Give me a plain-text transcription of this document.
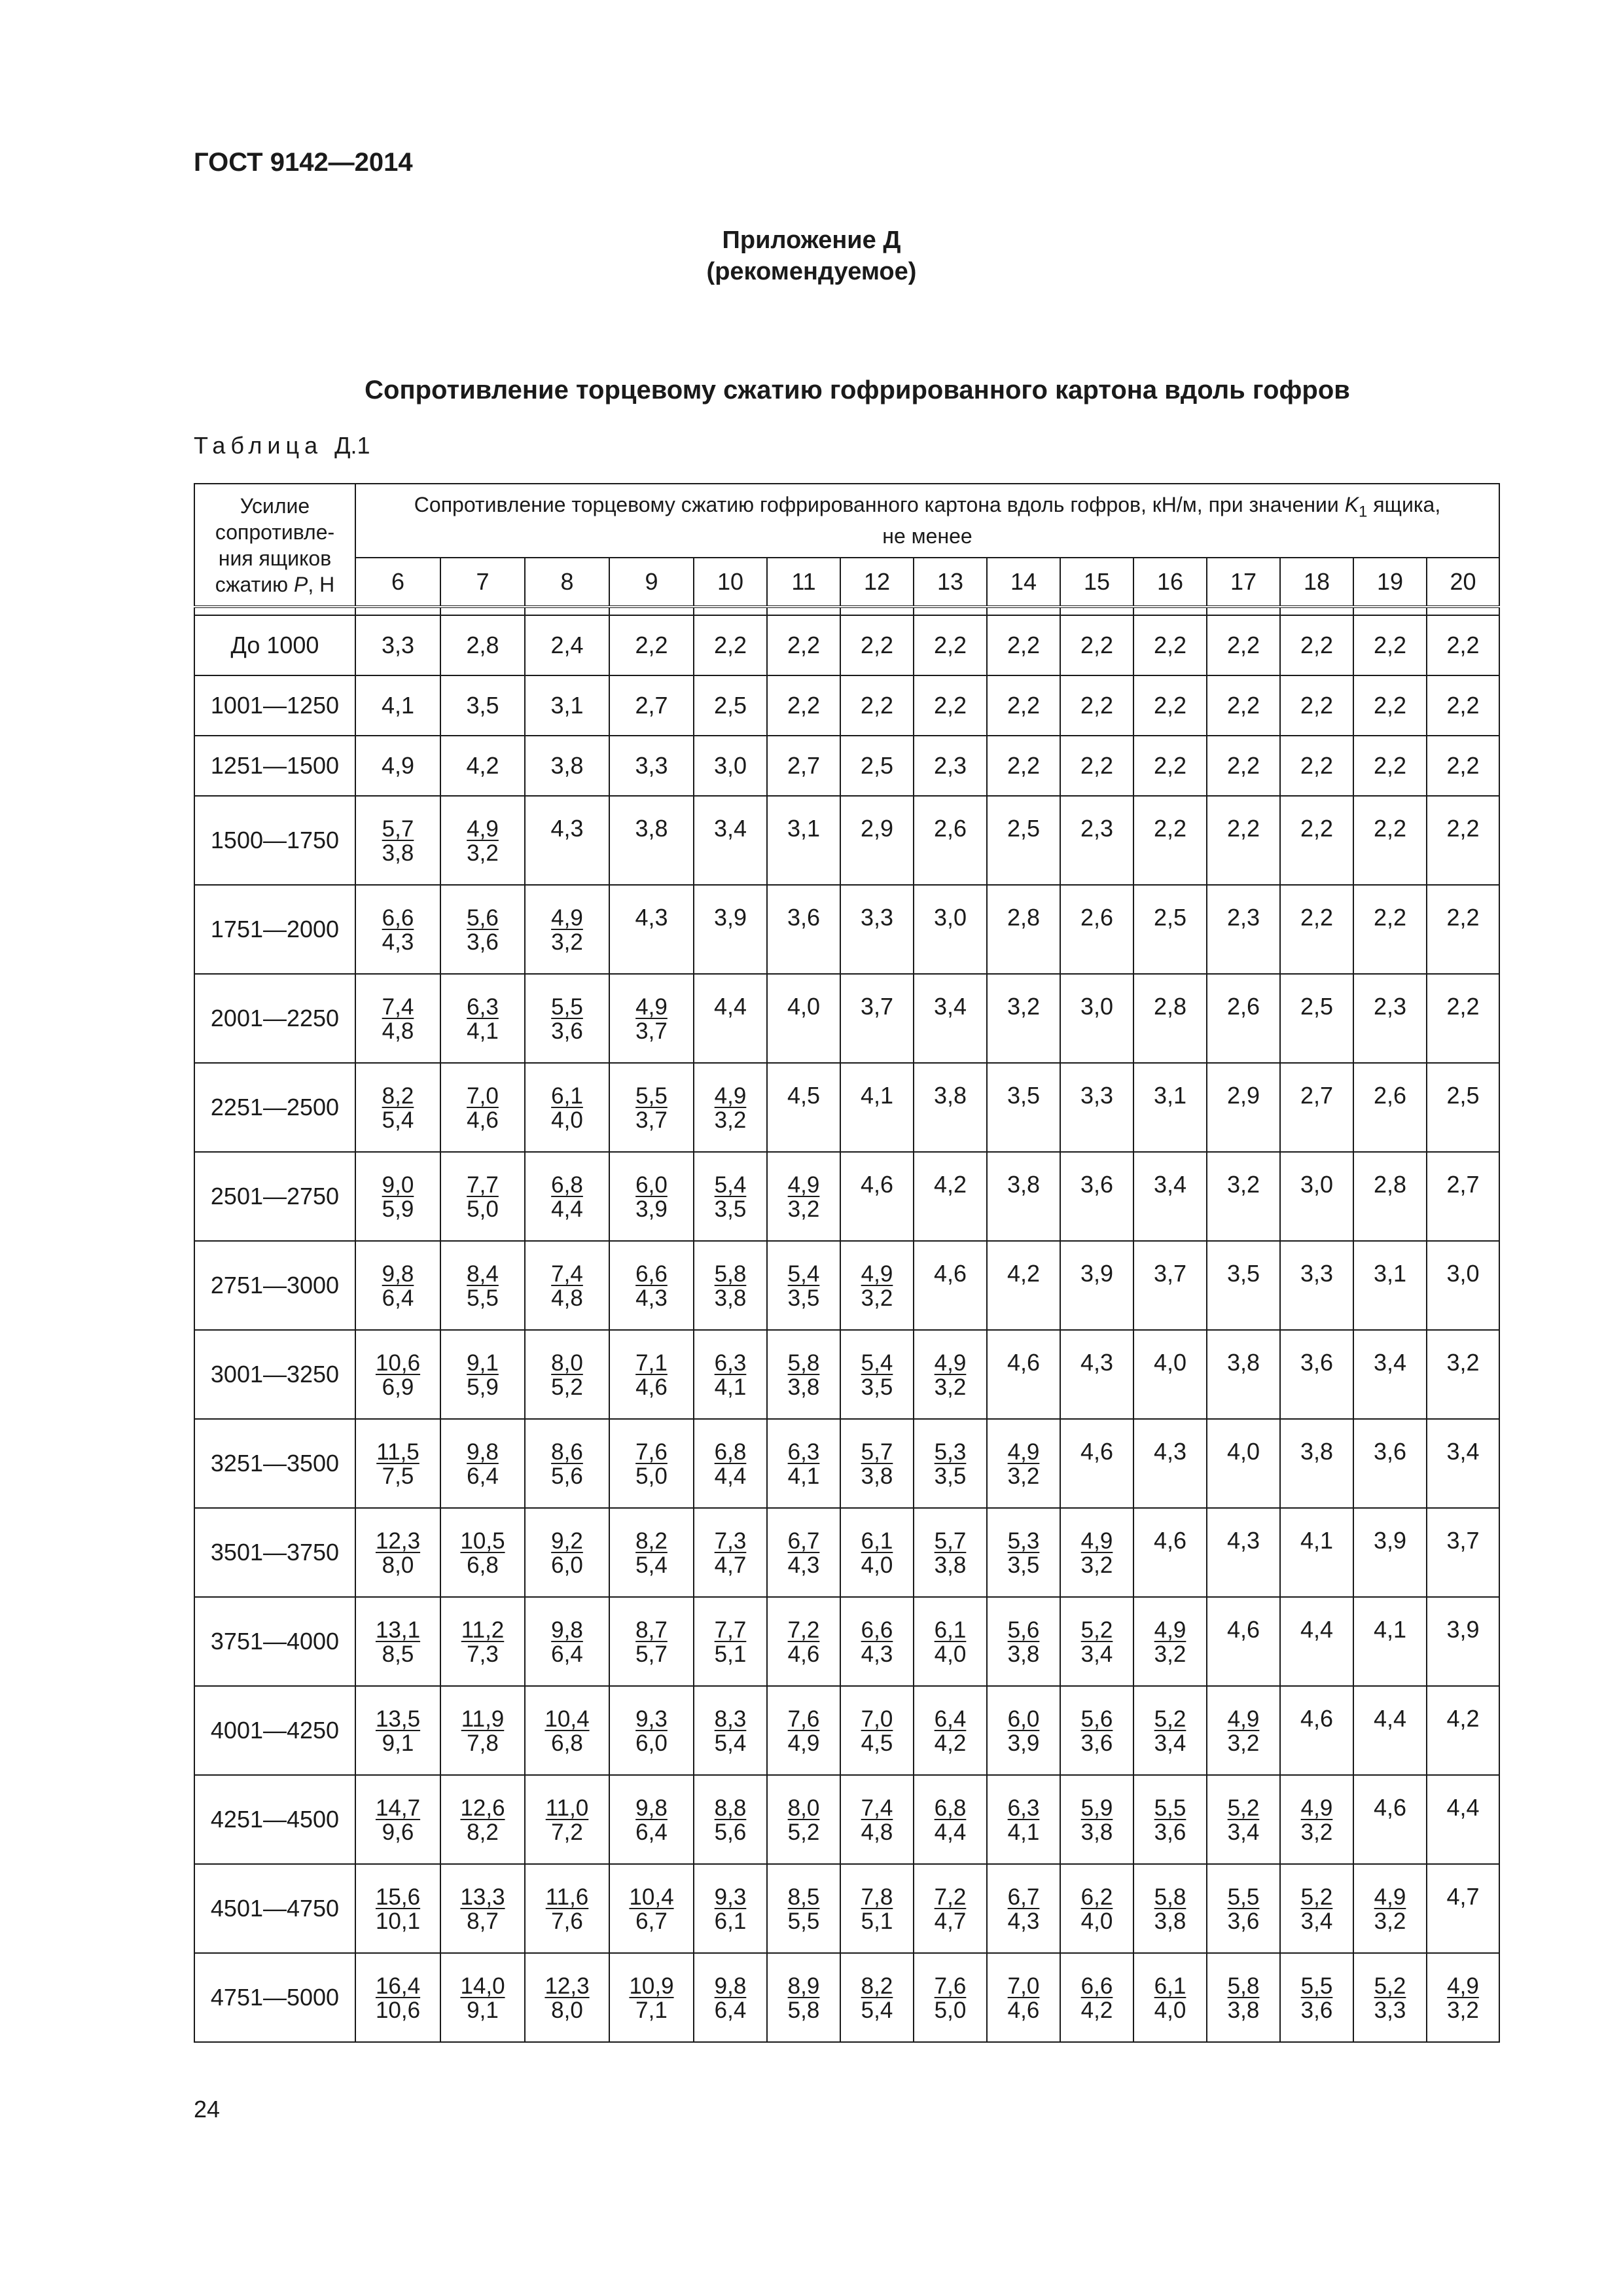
ГОСТ 9142—2014
Приложение Д
(рекомендуемое)
Сопротивление торцевому сжатию гофрированного картона вдоль гофров
Таблица Д.1
Усилие
сопротивле-
ния ящиков
сжатию P, Н	Сопротивление торцевому сжатию гофрированного картона вдоль гофров, кН/м, при значении $K_1$ ящика,
не менее														
	6	7	8	9	10	11	12	13	14	15	16	17	18	19	20

До 1000	3,3	2,8	2,4	2,2	2,2	2,2	2,2	2,2	2,2	2,2	2,2	2,2	2,2	2,2	2,2
1001—1250	4,1	3,5	3,1	2,7	2,5	2,2	2,2	2,2	2,2	2,2	2,2	2,2	2,2	2,2	2,2
1251—1500	4,9	4,2	3,8	3,3	3,0	2,7	2,5	2,3	2,2	2,2	2,2	2,2	2,2	2,2	2,2
1500—1750	$\frac{5,7}{3,8}$	$\frac{4,9}{3,2}$	4,3	3,8	3,4	3,1	2,9	2,6	2,5	2,3	2,2	2,2	2,2	2,2	2,2
1751—2000	$\frac{6,6}{4,3}$	$\frac{5,6}{3,6}$	$\frac{4,9}{3,2}$	4,3	3,9	3,6	3,3	3,0	2,8	2,6	2,5	2,3	2,2	2,2	2,2
2001—2250	$\frac{7,4}{4,8}$	$\frac{6,3}{4,1}$	$\frac{5,5}{3,6}$	$\frac{4,9}{3,7}$	4,4	4,0	3,7	3,4	3,2	3,0	2,8	2,6	2,5	2,3	2,2
2251—2500	$\frac{8,2}{5,4}$	$\frac{7,0}{4,6}$	$\frac{6,1}{4,0}$	$\frac{5,5}{3,7}$	$\frac{4,9}{3,2}$	4,5	4,1	3,8	3,5	3,3	3,1	2,9	2,7	2,6	2,5
2501—2750	$\frac{9,0}{5,9}$	$\frac{7,7}{5,0}$	$\frac{6,8}{4,4}$	$\frac{6,0}{3,9}$	$\frac{5,4}{3,5}$	$\frac{4,9}{3,2}$	4,6	4,2	3,8	3,6	3,4	3,2	3,0	2,8	2,7
2751—3000	$\frac{9,8}{6,4}$	$\frac{8,4}{5,5}$	$\frac{7,4}{4,8}$	$\frac{6,6}{4,3}$	$\frac{5,8}{3,8}$	$\frac{5,4}{3,5}$	$\frac{4,9}{3,2}$	4,6	4,2	3,9	3,7	3,5	3,3	3,1	3,0
3001—3250	$\frac{10,6}{6,9}$	$\frac{9,1}{5,9}$	$\frac{8,0}{5,2}$	$\frac{7,1}{4,6}$	$\frac{6,3}{4,1}$	$\frac{5,8}{3,8}$	$\frac{5,4}{3,5}$	$\frac{4,9}{3,2}$	4,6	4,3	4,0	3,8	3,6	3,4	3,2
3251—3500	$\frac{11,5}{7,5}$	$\frac{9,8}{6,4}$	$\frac{8,6}{5,6}$	$\frac{7,6}{5,0}$	$\frac{6,8}{4,4}$	$\frac{6,3}{4,1}$	$\frac{5,7}{3,8}$	$\frac{5,3}{3,5}$	$\frac{4,9}{3,2}$	4,6	4,3	4,0	3,8	3,6	3,4
3501—3750	$\frac{12,3}{8,0}$	$\frac{10,5}{6,8}$	$\frac{9,2}{6,0}$	$\frac{8,2}{5,4}$	$\frac{7,3}{4,7}$	$\frac{6,7}{4,3}$	$\frac{6,1}{4,0}$	$\frac{5,7}{3,8}$	$\frac{5,3}{3,5}$	$\frac{4,9}{3,2}$	4,6	4,3	4,1	3,9	3,7
3751—4000	$\frac{13,1}{8,5}$	$\frac{11,2}{7,3}$	$\frac{9,8}{6,4}$	$\frac{8,7}{5,7}$	$\frac{7,7}{5,1}$	$\frac{7,2}{4,6}$	$\frac{6,6}{4,3}$	$\frac{6,1}{4,0}$	$\frac{5,6}{3,8}$	$\frac{5,2}{3,4}$	$\frac{4,9}{3,2}$	4,6	4,4	4,1	3,9
4001—4250	$\frac{13,5}{9,1}$	$\frac{11,9}{7,8}$	$\frac{10,4}{6,8}$	$\frac{9,3}{6,0}$	$\frac{8,3}{5,4}$	$\frac{7,6}{4,9}$	$\frac{7,0}{4,5}$	$\frac{6,4}{4,2}$	$\frac{6,0}{3,9}$	$\frac{5,6}{3,6}$	$\frac{5,2}{3,4}$	$\frac{4,9}{3,2}$	4,6	4,4	4,2
4251—4500	$\frac{14,7}{9,6}$	$\frac{12,6}{8,2}$	$\frac{11,0}{7,2}$	$\frac{9,8}{6,4}$	$\frac{8,8}{5,6}$	$\frac{8,0}{5,2}$	$\frac{7,4}{4,8}$	$\frac{6,8}{4,4}$	$\frac{6,3}{4,1}$	$\frac{5,9}{3,8}$	$\frac{5,5}{3,6}$	$\frac{5,2}{3,4}$	$\frac{4,9}{3,2}$	4,6	4,4
4501—4750	$\frac{15,6}{10,1}$	$\frac{13,3}{8,7}$	$\frac{11,6}{7,6}$	$\frac{10,4}{6,7}$	$\frac{9,3}{6,1}$	$\frac{8,5}{5,5}$	$\frac{7,8}{5,1}$	$\frac{7,2}{4,7}$	$\frac{6,7}{4,3}$	$\frac{6,2}{4,0}$	$\frac{5,8}{3,8}$	$\frac{5,5}{3,6}$	$\frac{5,2}{3,4}$	$\frac{4,9}{3,2}$	4,7
4751—5000	$\frac{16,4}{10,6}$	$\frac{14,0}{9,1}$	$\frac{12,3}{8,0}$	$\frac{10,9}{7,1}$	$\frac{9,8}{6,4}$	$\frac{8,9}{5,8}$	$\frac{8,2}{5,4}$	$\frac{7,6}{5,0}$	$\frac{7,0}{4,6}$	$\frac{6,6}{4,2}$	$\frac{6,1}{4,0}$	$\frac{5,8}{3,8}$	$\frac{5,5}{3,6}$	$\frac{5,2}{3,3}$	$\frac{4,9}{3,2}$
24
